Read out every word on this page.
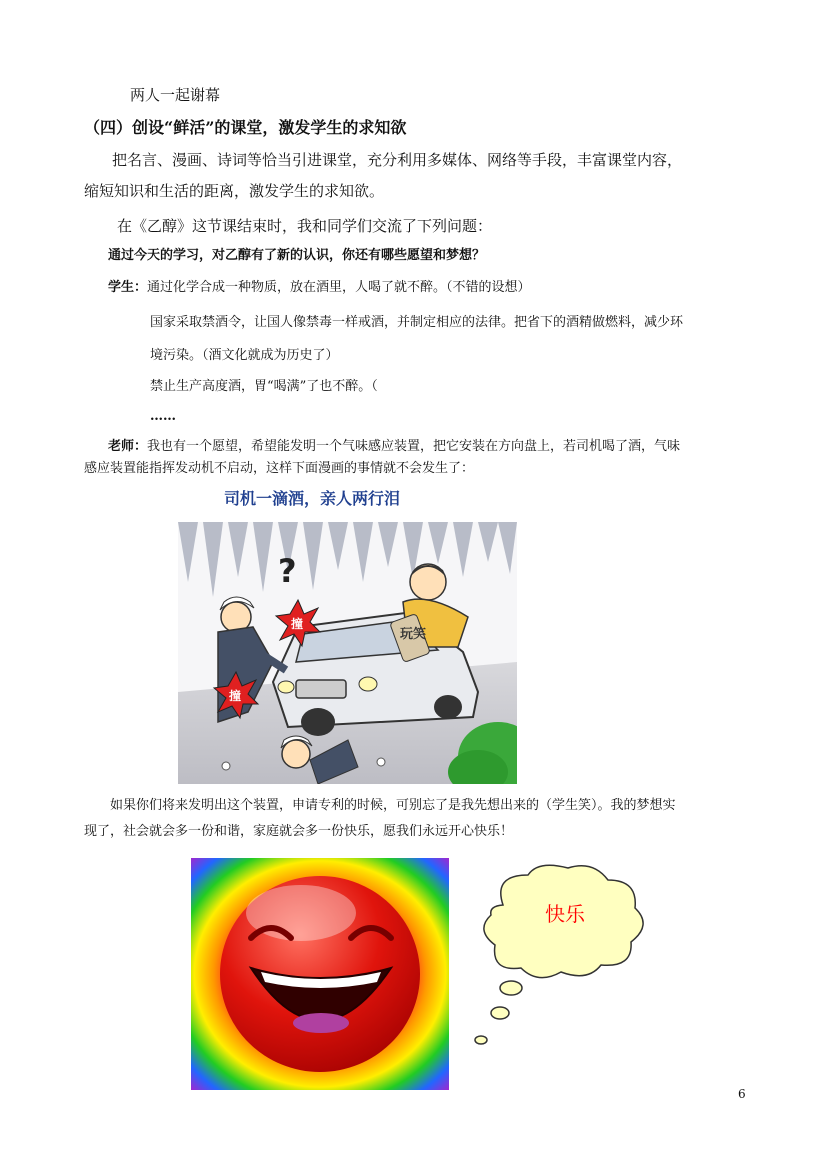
两人一起谢幕
（四）创设“鲜活”的课堂，激发学生的求知欲
把名言、漫画、诗词等恰当引进课堂，充分利用多媒体、网络等手段，丰富课堂内容，
缩短知识和生活的距离，激发学生的求知欲。
在《乙醇》这节课结束时，我和同学们交流了下列问题：
通过今天的学习，对乙醇有了新的认识，你还有哪些愿望和梦想？
学生：通过化学合成一种物质，放在酒里，人喝了就不醉。（不错的设想）
国家采取禁酒令，让国人像禁毒一样戒酒，并制定相应的法律。把省下的酒精做燃料，减少环
境污染。（酒文化就成为历史了）
禁止生产高度酒，胃“喝满”了也不醉。（
……
老师：我也有一个愿望，希望能发明一个气味感应装置，把它安装在方向盘上，若司机喝了酒，气味
感应装置能指挥发动机不启动，这样下面漫画的事情就不会发生了：
司机一滴酒，亲人两行泪
玩笑
?
撞
撞
如果你们将来发明出这个装置，申请专利的时候，可别忘了是我先想出来的（学生笑）。我的梦想实
现了，社会就会多一份和谐，家庭就会多一份快乐，愿我们永远开心快乐！
快乐
6
